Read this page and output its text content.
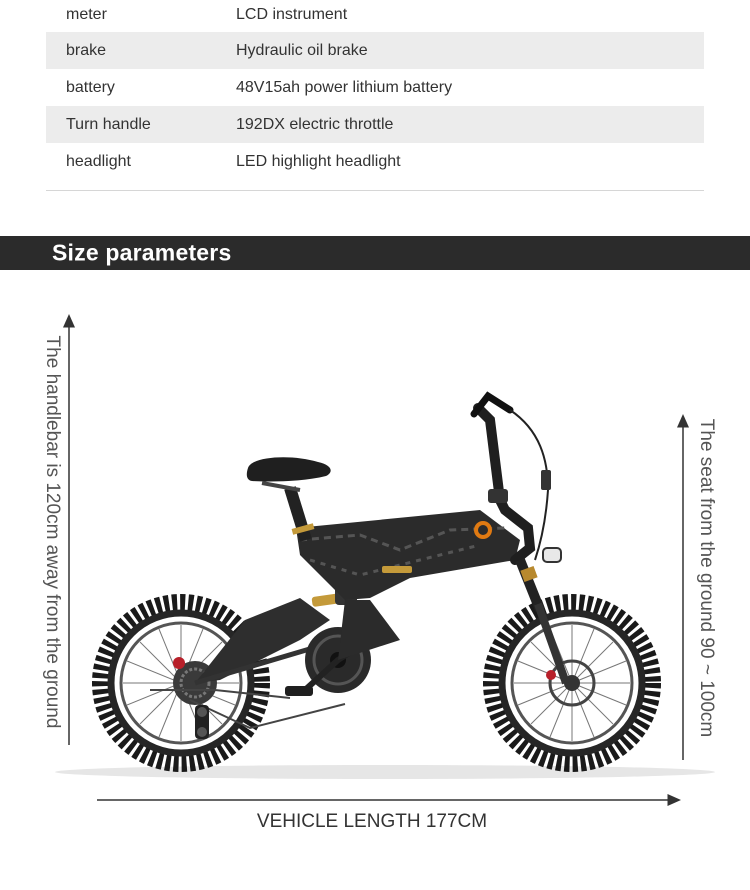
meter	LCD instrument
brake	Hydraulic oil brake
battery	48V15ah power lithium battery
Turn handle	192DX electric throttle
headlight	LED highlight headlight
Size parameters
The handlebar is 120cm away from the ground	The seat from the ground 90 ~ 100cm
VEHICLE LENGTH 177CM
